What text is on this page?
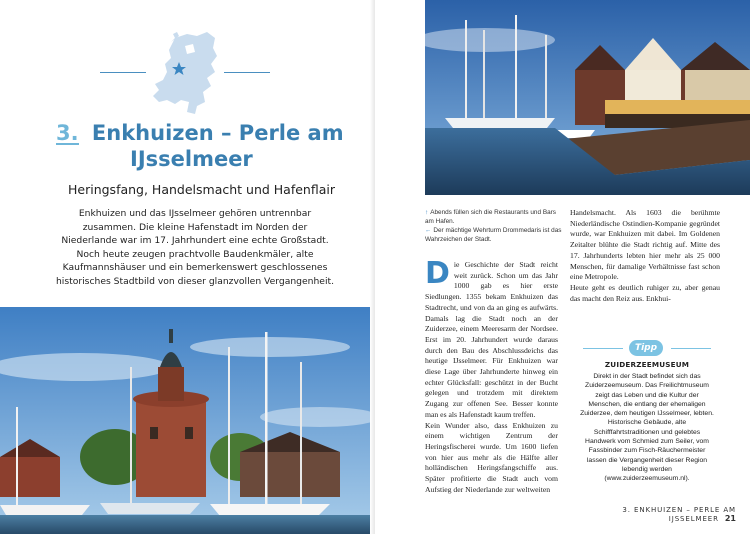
3. Enkhuizen – Perle am
IJsselmeer
Heringsfang, Handelsmacht und Hafenflair

Enkhuizen und das IJsselmeer gehören untrennbar zusammen. Die kleine Hafenstadt im Norden der Niederlande war im 17. Jahrhundert eine echte Großstadt. Noch heute zeugen prachtvolle Baudenkmäler, alte Kaufmannshäuser und ein bemerkenswert geschlossenes historisches Stadtbild von dieser glanzvollen Vergangenheit.

↑ Abends füllen sich die Restaurants und Bars am Hafen.
← Der mächtige Wehrturm Drommedaris ist das Wahrzeichen der Stadt.
D ie Geschichte der Stadt reicht weit zurück. Schon um das Jahr 1000 gab es hier erste Siedlungen. 1355 bekam Enkhuizen das Stadtrecht, und von da an ging es aufwärts. Damals lag die Stadt noch an der Zuiderzee, einem Meeresarm der Nordsee. Erst im 20. Jahrhundert wurde daraus durch den Bau des Abschlussdeichs das heutige IJsselmeer. Für Enkhuizen war diese Lage über Jahrhunderte hinweg ein echter Glücksfall: geschützt in der Bucht gelegen und trotzdem mit direktem Zugang zur offenen See. Besser konnte man es als Hafenstadt kaum treffen.
Kein Wunder also, dass Enkhuizen zu einem wichtigen Zentrum der Heringsfischerei wurde. Um 1600 liefen von hier aus mehr als die Hälfte aller holländischen Heringsfangschiffe aus. Später profitierte die Stadt auch vom Aufstieg der Niederlande zur weltweiten
Handelsmacht. Als 1603 die berühmte Niederländische Ostindien-Kompanie gegründet wurde, war Enkhuizen mit dabei. Im Goldenen Zeitalter blühte die Stadt richtig auf. Mitte des 17. Jahrhunderts lebten hier mehr als 25 000 Menschen, für damalige Verhältnisse fast schon eine Metropole.
Heute geht es deutlich ruhiger zu, aber genau das macht den Reiz aus. Enkhui-
Tipp
ZUIDERZEEMUSEUM

Direkt in der Stadt befindet sich das Zuiderzeemuseum. Das Freilichtmuseum zeigt das Leben und die Kultur der Menschen, die entlang der ehemaligen Zuiderzee, dem heutigen IJsselmeer, lebten. Historische Gebäude, alte Schifffahrtstraditionen und gelebtes Handwerk vom Schmied zum Seiler, vom Fassbinder zum Fisch-Räuchermeister lassen die Vergangenheit dieser Region lebendig werden (www.zuiderzeemuseum.nl).

3. ENKHUIZEN – PERLE AM IJSSELMEER 21
